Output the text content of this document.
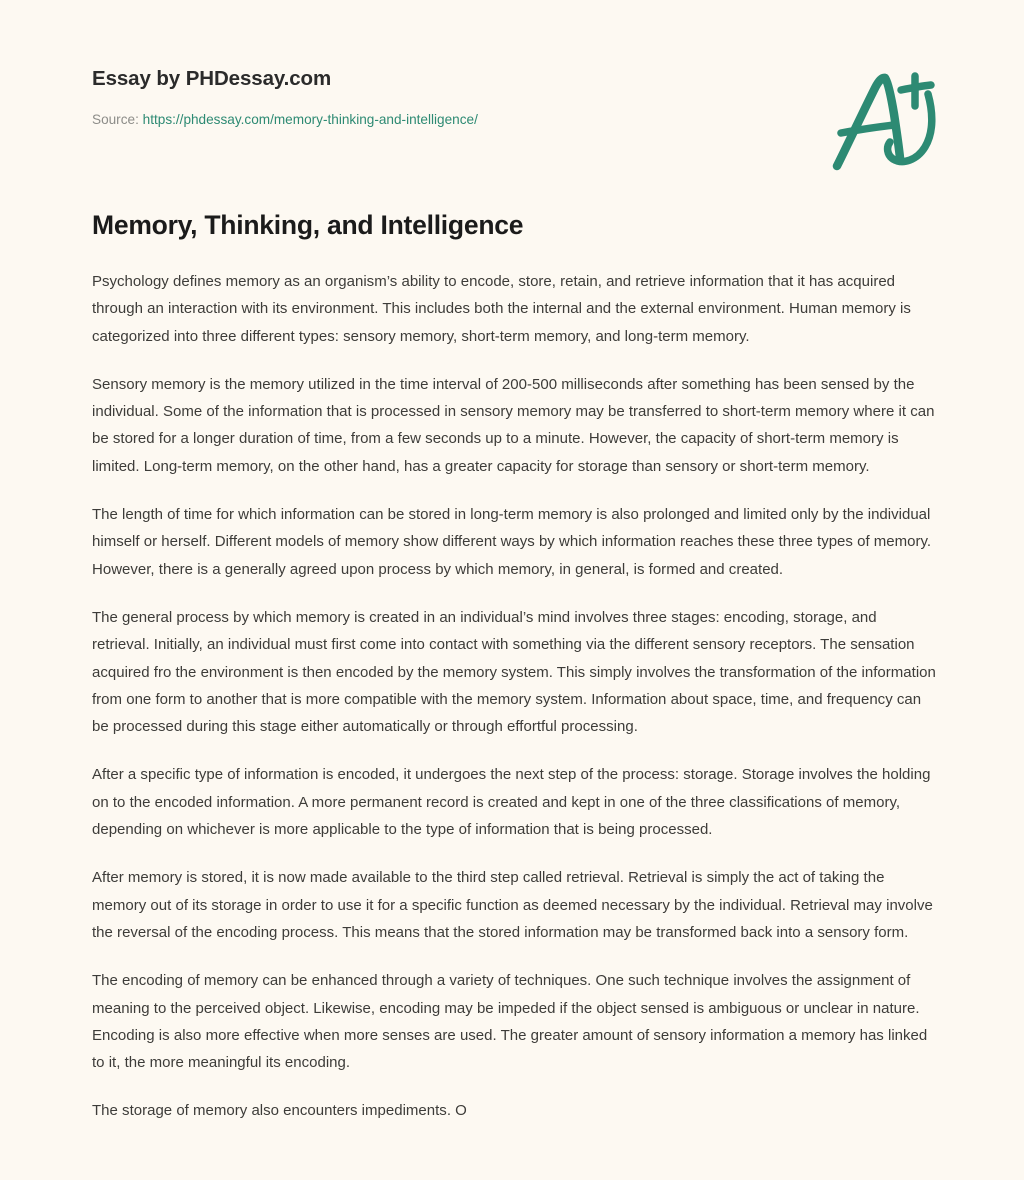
Essay by PHDessay.com
Source: https://phdessay.com/memory-thinking-and-intelligence/
Memory, Thinking, and Intelligence

Psychology defines memory as an organism’s ability to encode, store, retain, and retrieve information that it has acquired through an interaction with its environment. This includes both the internal and the external environment. Human memory is categorized into three different types: sensory memory, short-term memory, and long-term memory.

Sensory memory is the memory utilized in the time interval of 200-500 milliseconds after something has been sensed by the individual. Some of the information that is processed in sensory memory may be transferred to short-term memory where it can be stored for a longer duration of time, from a few seconds up to a minute. However, the capacity of short-term memory is limited. Long-term memory, on the other hand, has a greater capacity for storage than sensory or short-term memory.

The length of time for which information can be stored in long-term memory is also prolonged and limited only by the individual himself or herself. Different models of memory show different ways by which information reaches these three types of memory. However, there is a generally agreed upon process by which memory, in general, is formed and created.

The general process by which memory is created in an individual’s mind involves three stages: encoding, storage, and retrieval. Initially, an individual must first come into contact with something via the different sensory receptors. The sensation acquired fro the environment is then encoded by the memory system. This simply involves the transformation of the information from one form to another that is more compatible with the memory system. Information about space, time, and frequency can be processed during this stage either automatically or through effortful processing.

After a specific type of information is encoded, it undergoes the next step of the process: storage. Storage involves the holding on to the encoded information. A more permanent record is created and kept in one of the three classifications of memory, depending on whichever is more applicable to the type of information that is being processed.

After memory is stored, it is now made available to the third step called retrieval. Retrieval is simply the act of taking the memory out of its storage in order to use it for a specific function as deemed necessary by the individual. Retrieval may involve the reversal of the encoding process. This means that the stored information may be transformed back into a sensory form.

The encoding of memory can be enhanced through a variety of techniques. One such technique involves the assignment of meaning to the perceived object. Likewise, encoding may be impeded if the object sensed is ambiguous or unclear in nature. Encoding is also more effective when more senses are used. The greater amount of sensory information a memory has linked to it, the more meaningful its encoding.

The storage of memory also encounters impediments. O
